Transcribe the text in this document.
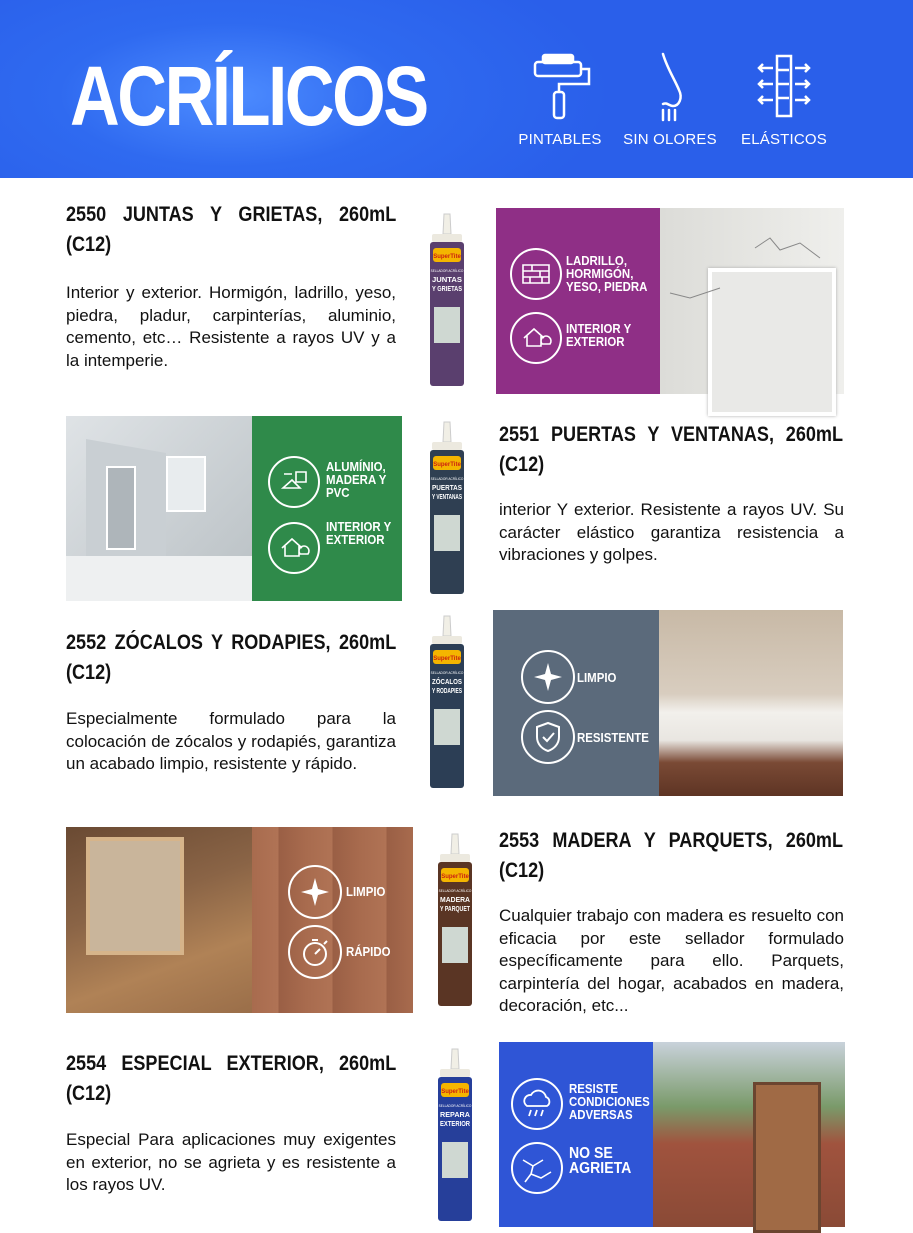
ACRÍLICOS	PINTABLES	SIN OLORES	ELÁSTICOS
2550 JUNTAS Y GRIETAS, 260mL (C12)
Interior y exterior. Hormigón, ladrillo, yeso, piedra, pladur, carpinterías, aluminio, cemento, etc… Resistente a rayos UV y a la intemperie.
SuperTite
SELLADOR ACRÍLICO
JUNTAS
Y GRIETAS
LADRILLO, HORMIGÓN, YESO, PIEDRA
INTERIOR Y EXTERIOR
ALUMÍNIO, MADERA Y PVC
INTERIOR Y EXTERIOR
SuperTite
SELLADOR ACRÍLICO
PUERTAS
Y VENTANAS
2551 PUERTAS Y VENTANAS, 260mL (C12)
interior Y exterior. Resistente a rayos UV. Su carácter elástico garantiza resistencia a vibraciones y golpes.
2552 ZÓCALOS Y RODAPIES, 260mL (C12)
Especialmente formulado para la colocación de zócalos y rodapiés, garantiza un acabado limpio, resistente y rápido.
SuperTite
SELLADOR ACRÍLICO
ZÓCALOS
Y RODAPIES
LIMPIO
RESISTENTE
LIMPIO
RÁPIDO
SuperTite
SELLADOR ACRÍLICO
MADERA
Y PARQUET
2553 MADERA Y PARQUETS, 260mL (C12)
Cualquier trabajo con madera es resuelto con eficacia por este sellador formulado específicamente para ello. Parquets, carpintería del hogar, acabados en madera, decoración, etc...
2554 ESPECIAL EXTERIOR, 260mL (C12)
Especial Para aplicaciones muy exigentes en exterior, no se agrieta y es resistente a los rayos UV.
SuperTite
SELLADOR ACRÍLICO
REPARA
EXTERIOR
RESISTE CONDICIONES ADVERSAS
NO SE AGRIETA
